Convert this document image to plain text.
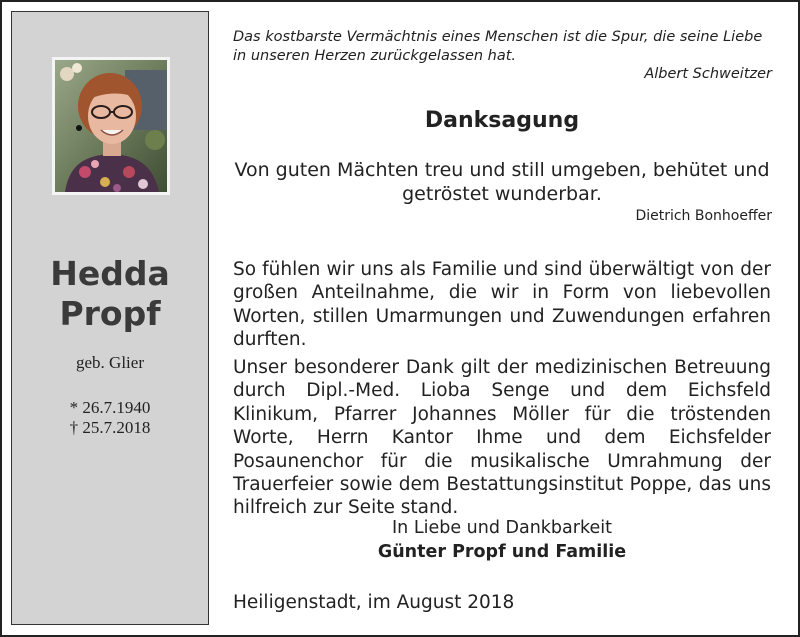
Hedda
Propf
geb. Glier
* 26.7.1940
† 25.7.2018
Das kostbarste Vermächtnis eines Menschen ist die Spur, die seine Liebe in unseren Herzen zurückgelassen hat.
Albert Schweitzer
Danksagung
Von guten Mächten treu und still umgeben, behütet und getröstet wunderbar.
Dietrich Bonhoeffer
So fühlen wir uns als Familie und sind überwältigt von der großen Anteilnahme, die wir in Form von liebevollen Worten, stillen Umarmungen und Zuwendungen erfahren durften.
Unser besonderer Dank gilt der medizinischen Betreuung durch Dipl.-Med. Lioba Senge und dem Eichsfeld Klinikum, Pfarrer Johannes Möller für die tröstenden Worte, Herrn Kantor Ihme und dem Eichsfelder Posaunenchor für die musikalische Umrahmung der Trauerfeier sowie dem Bestattungsinstitut Poppe, das uns hilfreich zur Seite stand.
In Liebe und Dankbarkeit
Günter Propf und Familie
Heiligenstadt, im August 2018
